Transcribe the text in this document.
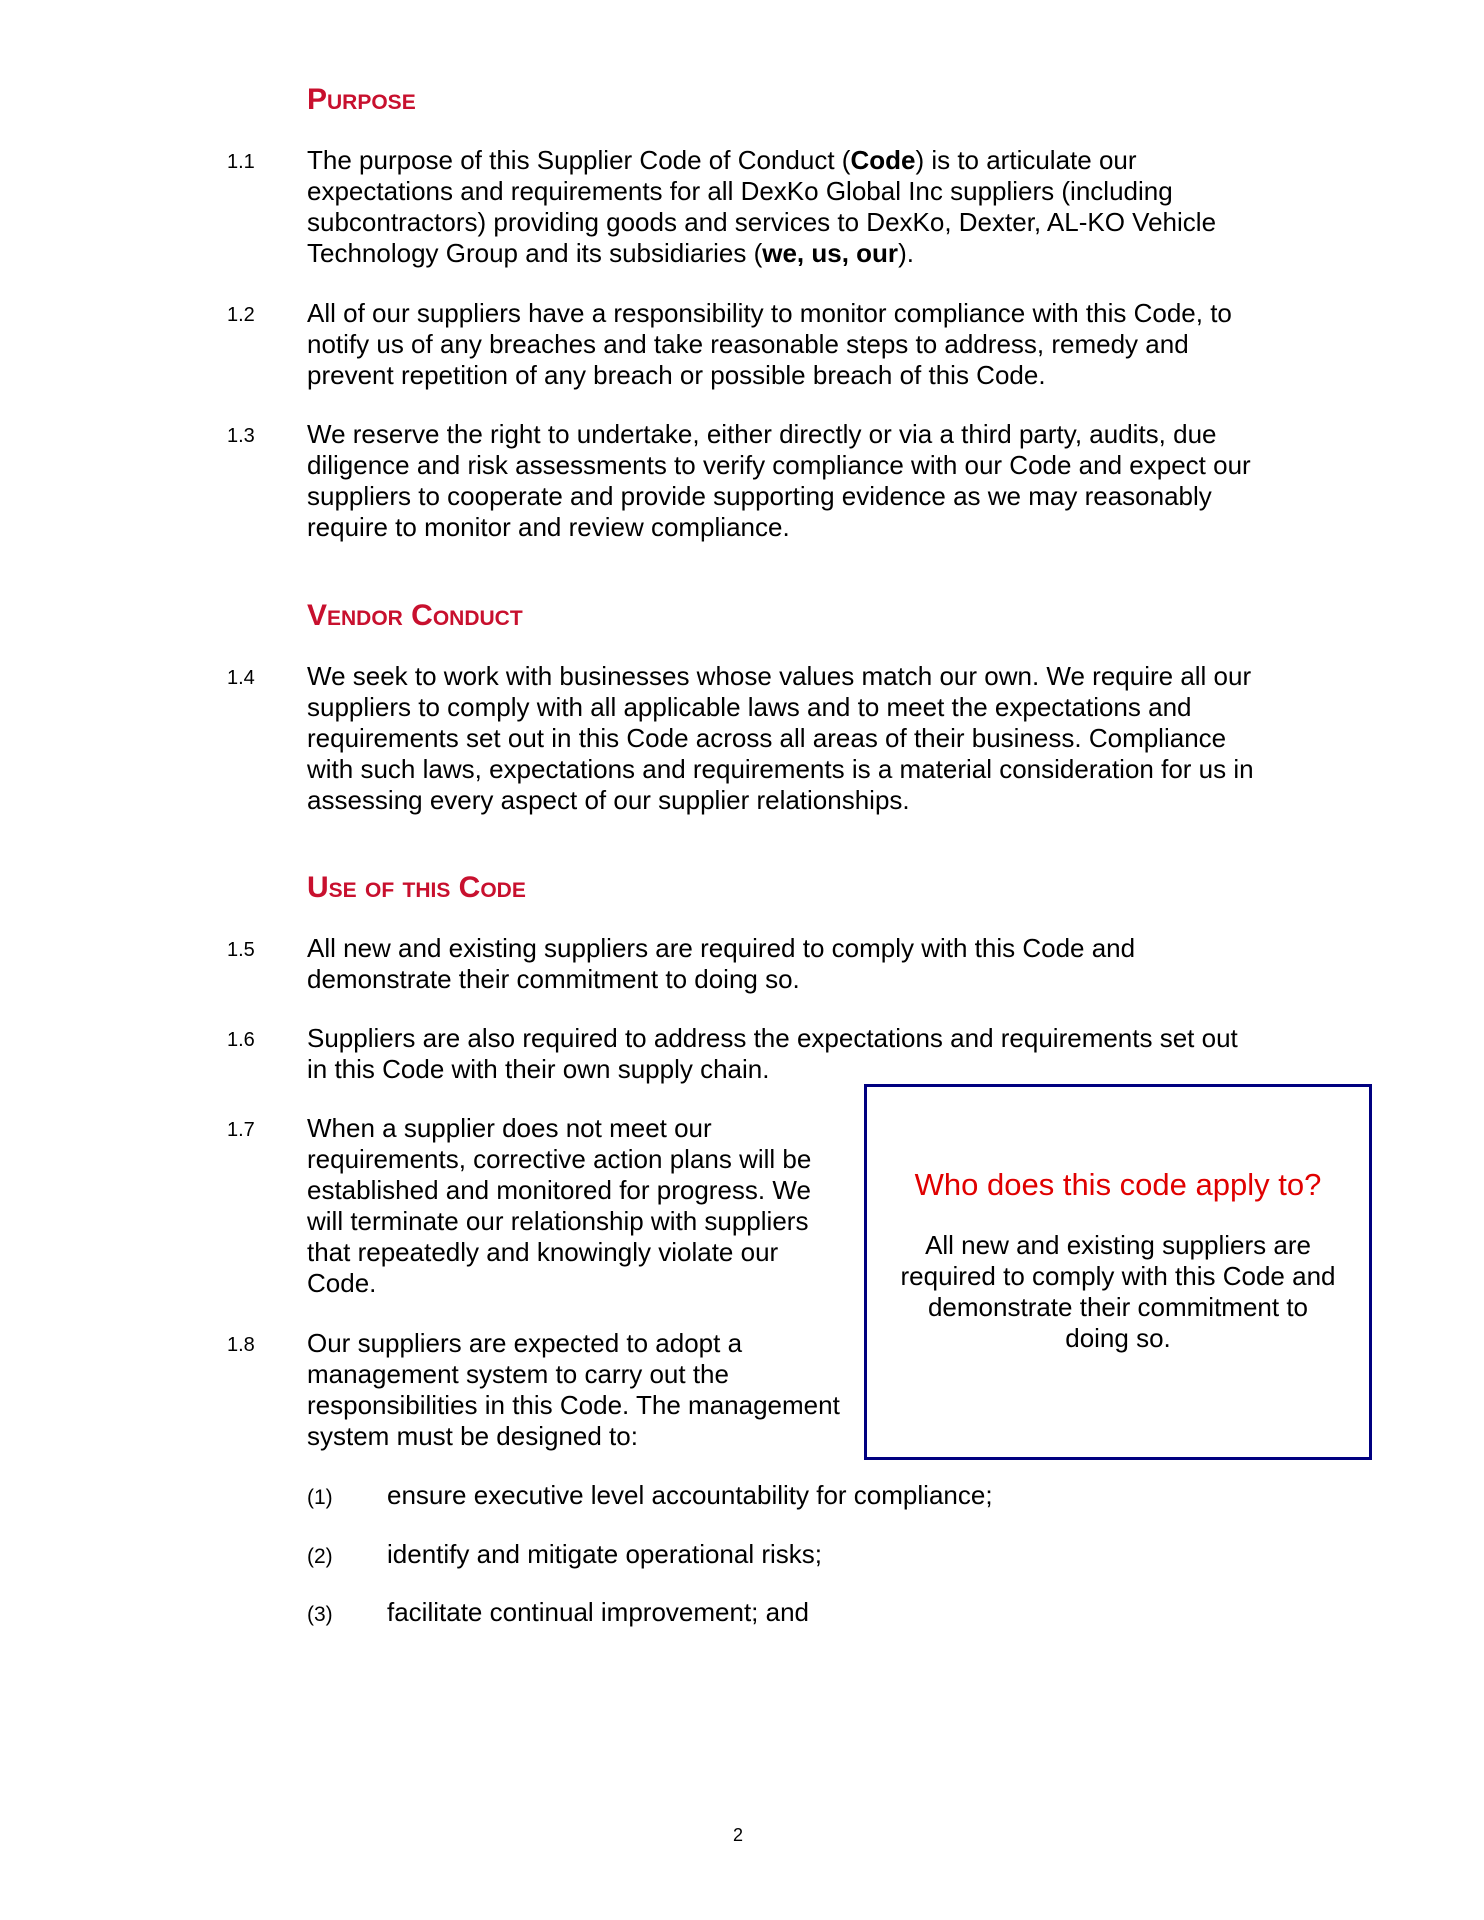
Purpose
1.1 The purpose of this Supplier Code of Conduct (Code) is to articulate our expectations and requirements for all DexKo Global Inc suppliers (including subcontractors) providing goods and services to DexKo, Dexter, AL-KO Vehicle Technology Group and its subsidiaries (we, us, our).
1.2 All of our suppliers have a responsibility to monitor compliance with this Code, to notify us of any breaches and take reasonable steps to address, remedy and prevent repetition of any breach or possible breach of this Code.
1.3 We reserve the right to undertake, either directly or via a third party, audits, due diligence and risk assessments to verify compliance with our Code and expect our suppliers to cooperate and provide supporting evidence as we may reasonably require to monitor and review compliance.
Vendor Conduct
1.4 We seek to work with businesses whose values match our own. We require all our suppliers to comply with all applicable laws and to meet the expectations and requirements set out in this Code across all areas of their business. Compliance with such laws, expectations and requirements is a material consideration for us in assessing every aspect of our supplier relationships.
Use of this Code
1.5 All new and existing suppliers are required to comply with this Code and demonstrate their commitment to doing so.
1.6 Suppliers are also required to address the expectations and requirements set out in this Code with their own supply chain.
1.7 When a supplier does not meet our requirements, corrective action plans will be established and monitored for progress. We will terminate our relationship with suppliers that repeatedly and knowingly violate our Code.
1.8 Our suppliers are expected to adopt a management system to carry out the responsibilities in this Code. The management system must be designed to:
(1) ensure executive level accountability for compliance;
(2) identify and mitigate operational risks;
(3) facilitate continual improvement; and
Who does this code apply to?
All new and existing suppliers are required to comply with this Code and demonstrate their commitment to doing so.
2
